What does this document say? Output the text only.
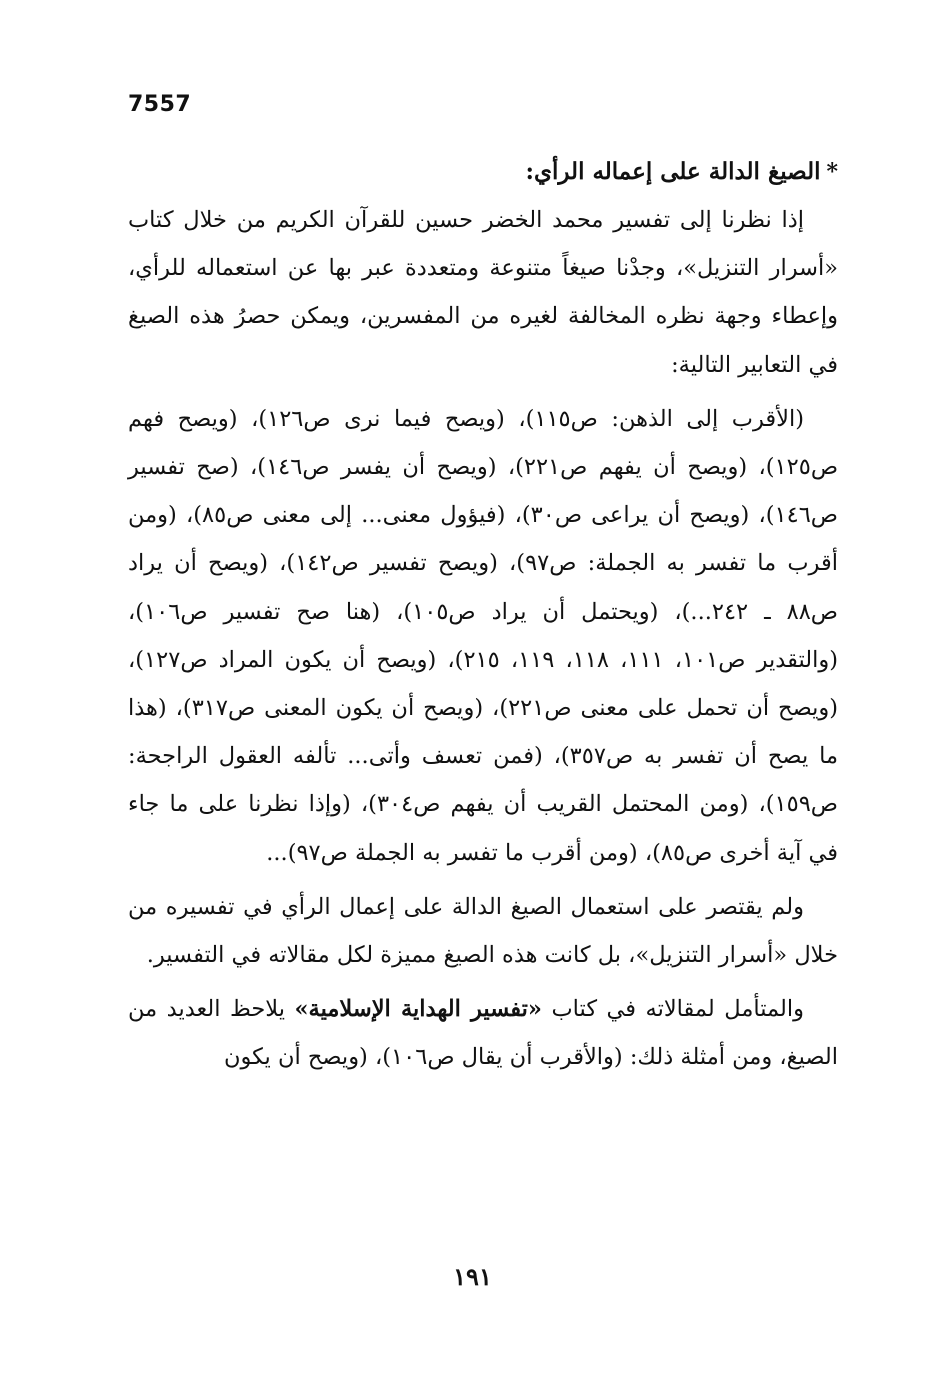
7557
*الصيغ الدالة على إعماله الرأي:

إذا نظرنا إلى تفسير محمد الخضر حسين للقرآن الكريم من خلال كتاب «أسرار التنزيل»، وجدْنا صيغاً متنوعة ومتعددة عبر بها عن استعماله للرأي، وإعطاء وجهة نظره المخالفة لغيره من المفسرين، ويمكن حصرُ هذه الصيغ في التعابير التالية:

(الأقرب إلى الذهن: ص١١٥)، (ويصح فيما نرى ص١٢٦)، (ويصح فهم ص١٢٥)، (ويصح أن يفهم ص٢٢١)، (ويصح أن يفسر ص١٤٦)، (صح تفسير ص١٤٦)، (ويصح أن يراعى ص٣٠)، (فيؤول معنى... إلى معنى ص٨٥)، (ومن أقرب ما تفسر به الجملة: ص٩٧)، (ويصح تفسير ص١٤٢)، (ويصح أن يراد ص٨٨ ـ ٢٤٢...)، (ويحتمل أن يراد ص١٠٥)، (هنا صح تفسير ص١٠٦)، (والتقدير ص١٠١، ١١١، ١١٨، ١١٩، ٢١٥)، (ويصح أن يكون المراد ص١٢٧)، (ويصح أن تحمل على معنى ص٢٢١)، (ويصح أن يكون المعنى ص٣١٧)، (هذا ما يصح أن تفسر به ص٣٥٧)، (فمن تعسف وأتى... تألفه العقول الراجحة: ص١٥٩)، (ومن المحتمل القريب أن يفهم ص٣٠٤)، (وإذا نظرنا على ما جاء في آية أخرى ص٨٥)، (ومن أقرب ما تفسر به الجملة ص٩٧)...

ولم يقتصر على استعمال الصيغ الدالة على إعمال الرأي في تفسيره من خلال «أسرار التنزيل»، بل كانت هذه الصيغ مميزة لكل مقالاته في التفسير.

والمتأمل لمقالاته في كتاب «تفسير الهداية الإسلامية» يلاحظ العديد من الصيغ، ومن أمثلة ذلك: (والأقرب أن يقال ص١٠٦)، (ويصح أن يكون

١٩١
